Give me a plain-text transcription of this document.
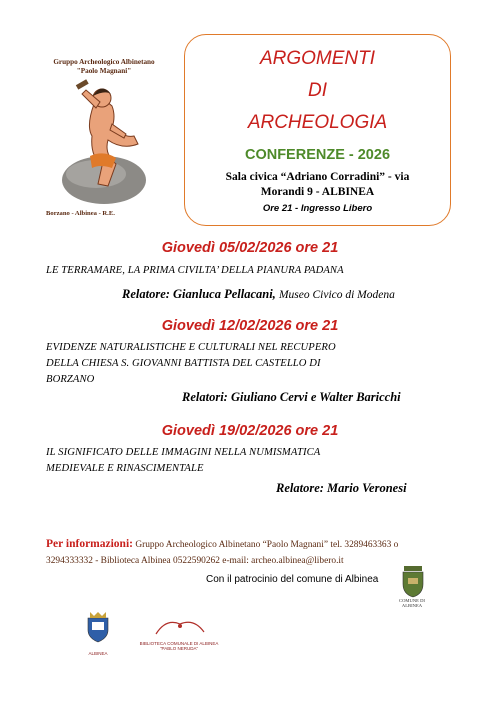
Gruppo Archeologico Albinetano
"Paolo Magnani"
Borzano - Albinea - R.E.
ARGOMENTI
DI
ARCHEOLOGIA
CONFERENZE - 2026
Sala civica “Adriano Corradini” - via
Morandi 9 - ALBINEA
Ore 21 - Ingresso Libero
Giovedì 05/02/2026 ore 21
LE TERRAMARE, LA PRIMA CIVILTA’ DELLA PIANURA PADANA
Relatore: Gianluca Pellacani, Museo Civico di Modena
Giovedì 12/02/2026 ore 21
EVIDENZE NATURALISTICHE E CULTURALI NEL RECUPERO
DELLA CHIESA S. GIOVANNI BATTISTA DEL CASTELLO DI
BORZANO
Relatori: Giuliano Cervi e Walter Baricchi
Giovedì 19/02/2026 ore 21
IL SIGNIFICATO DELLE IMMAGINI NELLA NUMISMATICA
MEDIEVALE E RINASCIMENTALE
Relatore: Mario Veronesi
Per informazioni: Gruppo Archeologico Albinetano “Paolo Magnani” tel. 3289463363 o
3294333332 - Biblioteca Albinea 0522590262 e-mail: archeo.albinea@libero.it
Con il patrocinio del comune di Albinea
COMUNE DI ALBINEA
ALBINEA
BIBLIOTECA COMUNALE DI ALBINEA
"PABLO NERUDA"
